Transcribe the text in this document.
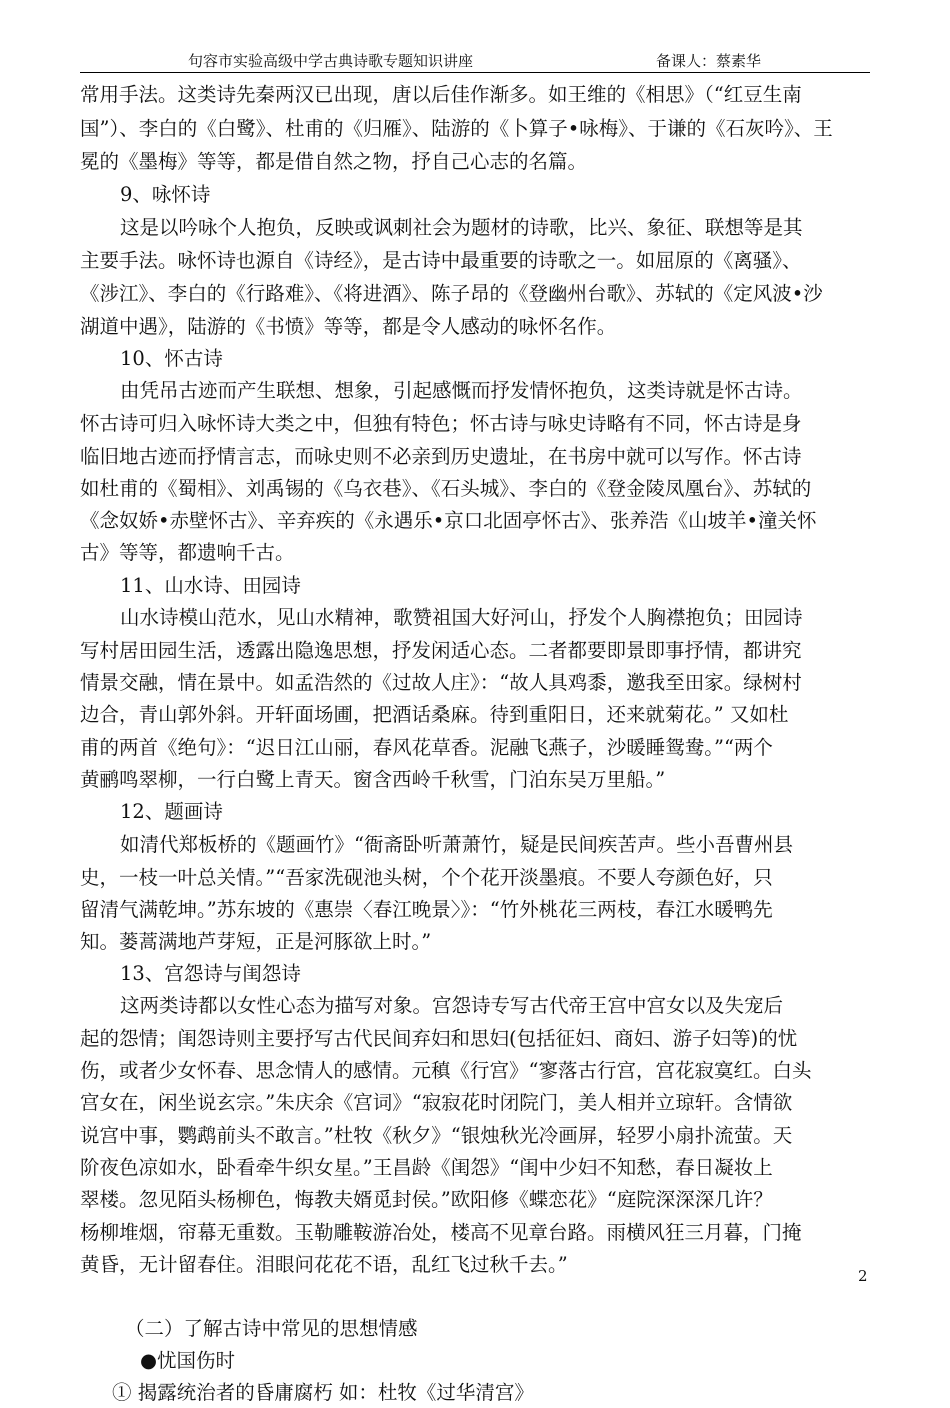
句容市实验高级中学古典诗歌专题知识讲座	备课人：蔡素华
常用手法。这类诗先秦两汉已出现，唐以后佳作渐多。如王维的《相思》（“红豆生南
国”）、李白的《白鹭》、杜甫的《归雁》、陆游的《卜算子•咏梅》、于谦的《石灰吟》、王
冕的《墨梅》等等，都是借自然之物，抒自己心志的名篇。
9、咏怀诗
这是以吟咏个人抱负，反映或讽刺社会为题材的诗歌，比兴、象征、联想等是其
主要手法。咏怀诗也源自《诗经》，是古诗中最重要的诗歌之一。如屈原的《离骚》、
《涉江》、李白的《行路难》、《将进酒》、陈子昂的《登幽州台歌》、苏轼的《定风波•沙
湖道中遇》，陆游的《书愤》等等，都是令人感动的咏怀名作。
10、怀古诗
由凭吊古迹而产生联想、想象，引起感慨而抒发情怀抱负，这类诗就是怀古诗。
怀古诗可归入咏怀诗大类之中，但独有特色；怀古诗与咏史诗略有不同，怀古诗是身
临旧地古迹而抒情言志，而咏史则不必亲到历史遗址，在书房中就可以写作。怀古诗
如杜甫的《蜀相》、刘禹锡的《乌衣巷》、《石头城》、李白的《登金陵凤凰台》、苏轼的
《念奴娇•赤壁怀古》、辛弃疾的《永遇乐•京口北固亭怀古》、张养浩《山坡羊•潼关怀
古》等等，都遗响千古。
11、山水诗、田园诗
山水诗模山范水，见山水精神，歌赞祖国大好河山，抒发个人胸襟抱负；田园诗
写村居田园生活，透露出隐逸思想，抒发闲适心态。二者都要即景即事抒情，都讲究
情景交融，情在景中。如孟浩然的《过故人庄》：“故人具鸡黍，邀我至田家。绿树村
边合，青山郭外斜。开轩面场圃，把酒话桑麻。待到重阳日，还来就菊花。” 又如杜
甫的两首《绝句》：“迟日江山丽，春风花草香。泥融飞燕子，沙暖睡鸳鸯。”“两个
黄鹂鸣翠柳，一行白鹭上青天。窗含西岭千秋雪，门泊东吴万里船。”
12、题画诗
如清代郑板桥的《题画竹》“衙斋卧听萧萧竹，疑是民间疾苦声。些小吾曹州县
史，一枝一叶总关情。”“吾家洗砚池头树，个个花开淡墨痕。不要人夸颜色好，只
留清气满乾坤。”苏东坡的《惠崇〈春江晚景〉》：“竹外桃花三两枝，春江水暖鸭先
知。蒌蒿满地芦芽短，正是河豚欲上时。”
13、宫怨诗与闺怨诗
这两类诗都以女性心态为描写对象。宫怨诗专写古代帝王宫中宫女以及失宠后
起的怨情；闺怨诗则主要抒写古代民间弃妇和思妇(包括征妇、商妇、游子妇等)的忧
伤，或者少女怀春、思念情人的感情。元稹《行宫》“寥落古行宫，宫花寂寞红。白头
宫女在，闲坐说玄宗。”朱庆余《宫词》“寂寂花时闭院门，美人相并立琼轩。含情欲
说宫中事，鹦鹉前头不敢言。”杜牧《秋夕》“银烛秋光冷画屏，轻罗小扇扑流萤。天
阶夜色凉如水，卧看牵牛织女星。”王昌龄《闺怨》“闺中少妇不知愁，春日凝妆上
翠楼。忽见陌头杨柳色，悔教夫婿觅封侯。”欧阳修《蝶恋花》“庭院深深深几许？
杨柳堆烟，帘幕无重数。玉勒雕鞍游冶处，楼高不见章台路。雨横风狂三月暮，门掩
黄昏，无计留春住。泪眼问花花不语，乱红飞过秋千去。”
（二）了解古诗中常见的思想情感
●忧国伤时
① 揭露统治者的昏庸腐朽 如：杜牧《过华清宫》
2
